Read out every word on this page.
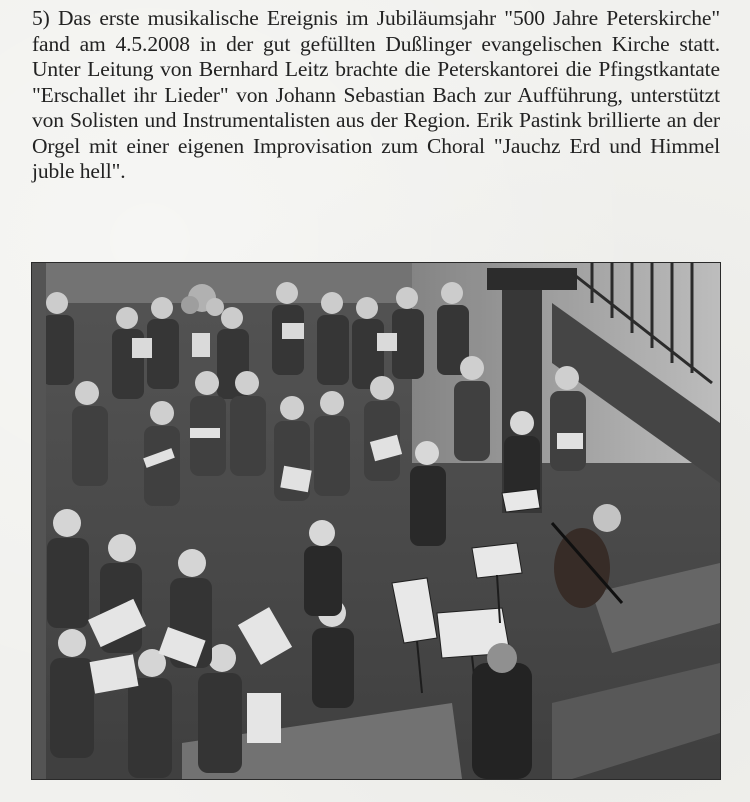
5) Das erste musikalische Ereignis im Jubiläumsjahr "500 Jahre Peterskirche" fand am 4.5.2008 in der gut gefüllten Dußlinger evangelischen Kirche statt. Unter Leitung von Bernhard Leitz brachte die Peterskantorei die Pfingstkantate "Erschallet ihr Lieder" von Johann Sebastian Bach zur Aufführung, unterstützt von Solisten und Instrumentalisten aus der Region. Erik Pastink brillierte an der Orgel mit einer eigenen Improvisation zum Choral "Jauchz Erd und Himmel juble hell".
